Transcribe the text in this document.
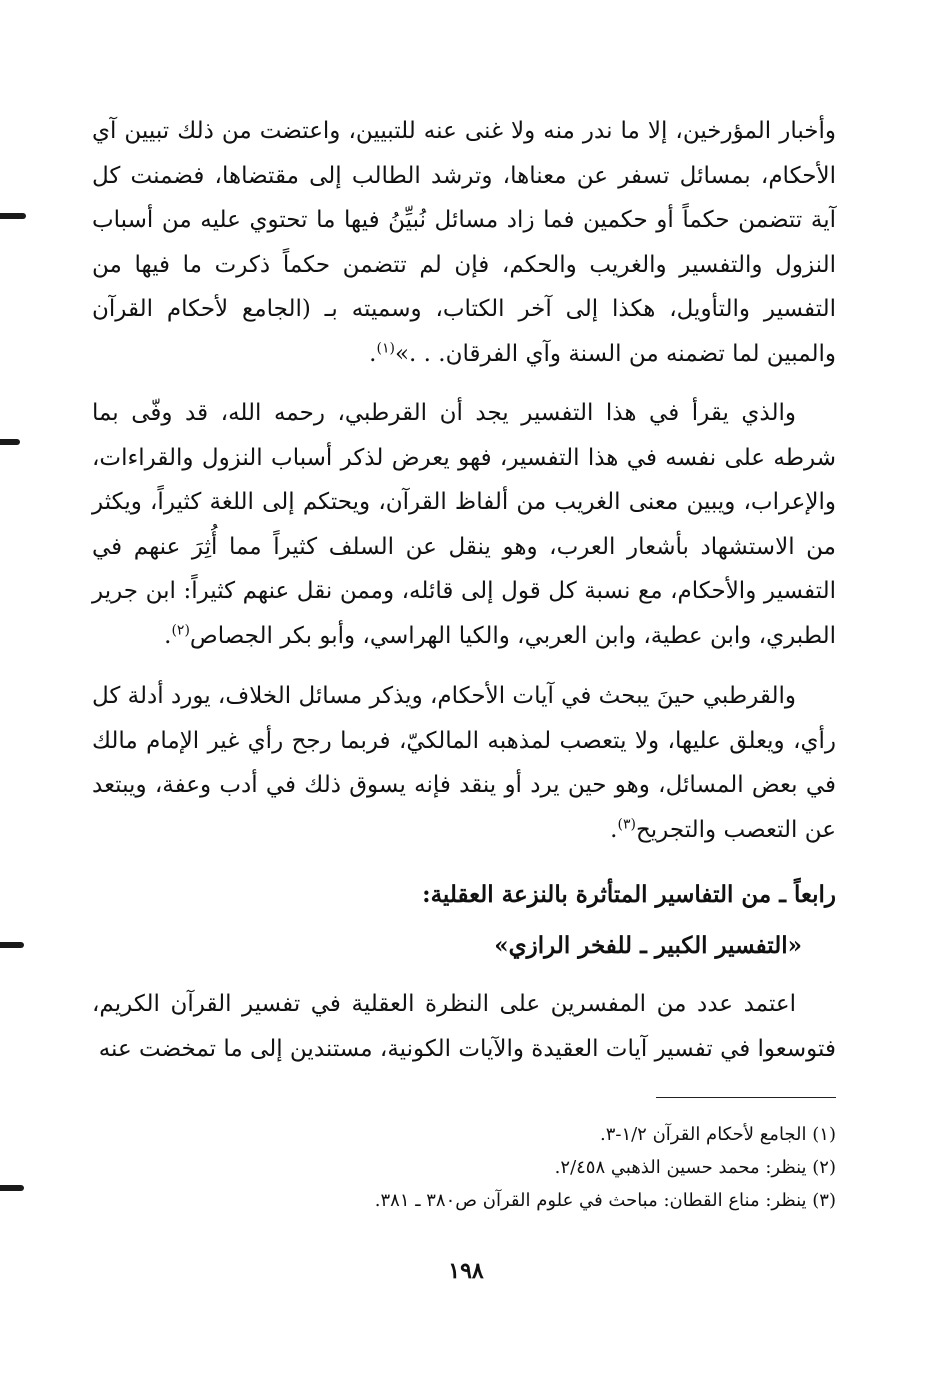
وأخبار المؤرخين، إلا ما ندر منه ولا غنى عنه للتبيين، واعتضت من ذلك تبيين آي الأحكام، بمسائل تسفر عن معناها، وترشد الطالب إلى مقتضاها، فضمنت كل آية تتضمن حكماً أو حكمين فما زاد مسائل نُبيِّنُ فيها ما تحتوي عليه من أسباب النزول والتفسير والغريب والحكم، فإن لم تتضمن حكماً ذكرت ما فيها من التفسير والتأويل، هكذا إلى آخر الكتاب، وسميته بـ (الجامع لأحكام القرآن والمبين لما تضمنه من السنة وآي الفرقان. . .»$^{(١)}$.

والذي يقرأ في هذا التفسير يجد أن القرطبي، رحمه الله، قد وفّى بما شرطه على نفسه في هذا التفسير، فهو يعرض لذكر أسباب النزول والقراءات، والإعراب، ويبين معنى الغريب من ألفاظ القرآن، ويحتكم إلى اللغة كثيراً، ويكثر من الاستشهاد بأشعار العرب، وهو ينقل عن السلف كثيراً مما أُثِرَ عنهم في التفسير والأحكام، مع نسبة كل قول إلى قائله، وممن نقل عنهم كثيراً: ابن جرير الطبري، وابن عطية، وابن العربي، والكيا الهراسي، وأبو بكر الجصاص$^{(٢)}$.

والقرطبي حينَ يبحث في آيات الأحكام، ويذكر مسائل الخلاف، يورد أدلة كل رأي، ويعلق عليها، ولا يتعصب لمذهبه المالكيّ، فربما رجح رأي غير الإمام مالك في بعض المسائل، وهو حين يرد أو ينقد فإنه يسوق ذلك في أدب وعفة، ويبتعد عن التعصب والتجريح$^{(٣)}$.

رابعاً ـ من التفاسير المتأثرة بالنزعة العقلية:
«التفسير الكبير ـ للفخر الرازي»

اعتمد عدد من المفسرين على النظرة العقلية في تفسير القرآن الكريم، فتوسعوا في تفسير آيات العقيدة والآيات الكونية، مستندين إلى ما تمخضت عنه

(١) الجامع لأحكام القرآن ١/٢-٣.
(٢) ينظر: محمد حسين الذهبي ٢/٤٥٨.
(٣) ينظر: مناع القطان: مباحث في علوم القرآن ص٣٨٠ ـ ٣٨١.
١٩٨
